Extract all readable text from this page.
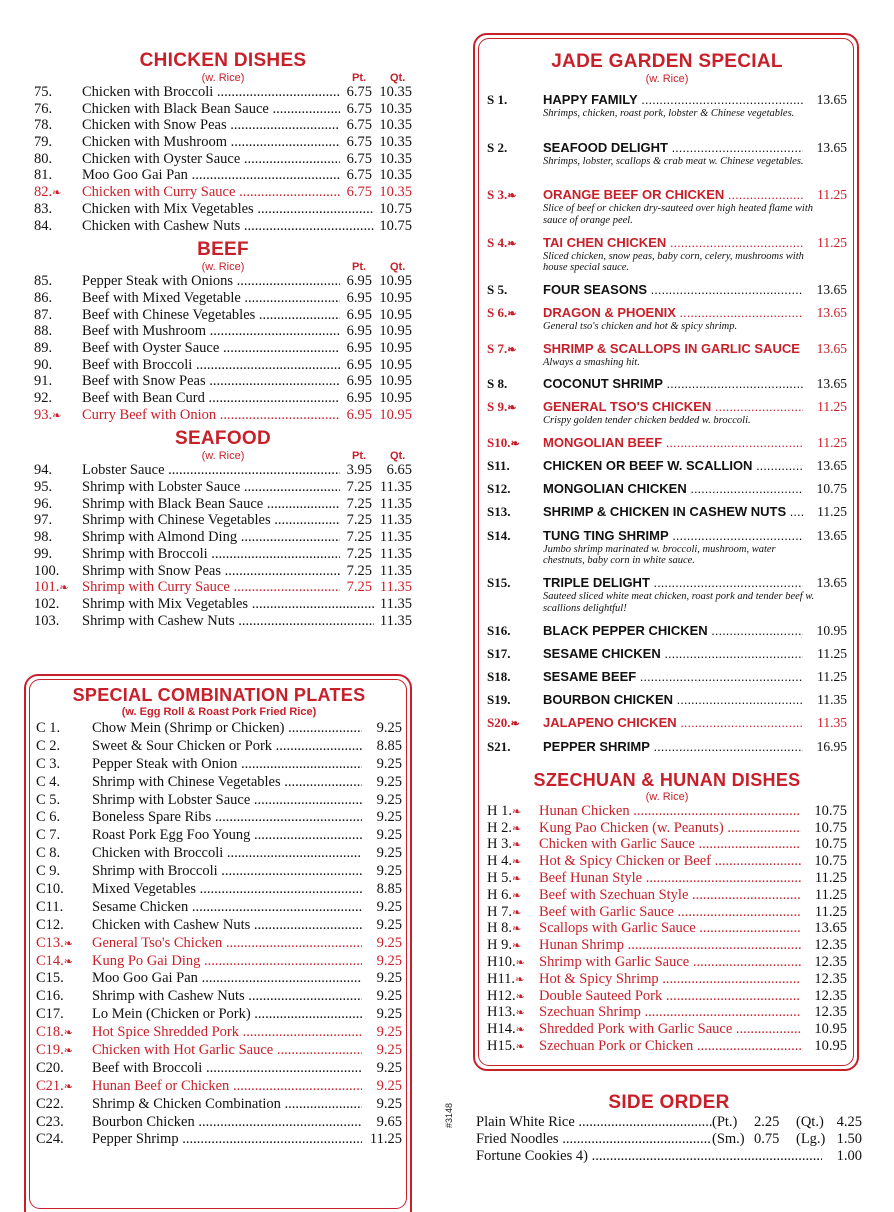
CHICKEN DISHES
(w. Rice)	Pt. Qt.
75.	Chicken with Broccoli .....	6.75 10.35
76.	Chicken with Black Bean Sauce .....	6.75 10.35
78.	Chicken with Snow Peas .....	6.75 10.35
79.	Chicken with Mushroom .....	6.75 10.35
80.	Chicken with Oyster Sauce .....	6.75 10.35
81.	Moo Goo Gai Pan .....	6.75 10.35
82.❧	Chicken with Curry Sauce .....	6.75 10.35
83.	Chicken with Mix Vegetables .....	10.75
84.	Chicken with Cashew Nuts .....	10.75
BEEF
(w. Rice)	Pt. Qt.
85.	Pepper Steak with Onions .....	6.95 10.95
86.	Beef with Mixed Vegetable .....	6.95 10.95
87.	Beef with Chinese Vegetables .....	6.95 10.95
88.	Beef with Mushroom .....	6.95 10.95
89.	Beef with Oyster Sauce .....	6.95 10.95
90.	Beef with Broccoli .....	6.95 10.95
91.	Beef with Snow Peas .....	6.95 10.95
92.	Beef with Bean Curd .....	6.95 10.95
93.❧	Curry Beef with Onion .....	6.95 10.95
SEAFOOD
(w. Rice)	Pt. Qt.
94.	Lobster Sauce .....	3.95	6.65
95.	Shrimp with Lobster Sauce .....	7.25 11.35
96.	Shrimp with Black Bean Sauce .....	7.25 11.35
97.	Shrimp with Chinese Vegetables .....	7.25 11.35
98.	Shrimp with Almond Ding .....	7.25 11.35
99.	Shrimp with Broccoli .....	7.25 11.35
100.	Shrimp with Snow Peas .....	7.25 11.35
101.❧ Shrimp with Curry Sauce .....	7.25 11.35
102.	Shrimp with Mix Vegetables .....	11.35
103.	Shrimp with Cashew Nuts .....	11.35
SPECIAL COMBINATION PLATES
(w. Egg Roll & Roast Pork Fried Rice)
C 1.	Chow Mein (Shrimp or Chicken) .....	9.25
C 2.	Sweet & Sour Chicken or Pork .....	8.85
C 3.	Pepper Steak with Onion .....	9.25
C 4.	Shrimp with Chinese Vegetables .....	9.25
C 5.	Shrimp with Lobster Sauce .....	9.25
C 6.	Boneless Spare Ribs .....	9.25
C 7.	Roast Pork Egg Foo Young .....	9.25
C 8.	Chicken with Broccoli .....	9.25
C 9.	Shrimp with Broccoli .....	9.25
C10.	Mixed Vegetables .....	8.85
C11.	Sesame Chicken .....	9.25
C12.	Chicken with Cashew Nuts .....	9.25
C13.❧	General Tso's Chicken .....	9.25
C14.❧	Kung Po Gai Ding .....	9.25
C15.	Moo Goo Gai Pan .....	9.25
C16.	Shrimp with Cashew Nuts .....	9.25
C17.	Lo Mein (Chicken or Pork) .....	9.25
C18.❧	Hot Spice Shredded Pork .....	9.25
C19.❧	Chicken with Hot Garlic Sauce .....	9.25
C20.	Beef with Broccoli .....	9.25
C21.❧	Hunan Beef or Chicken .....	9.25
C22.	Shrimp & Chicken Combination .....	9.25
C23.	Bourbon Chicken .....	9.65
C24.	Pepper Shrimp .....	11.25
JADE GARDEN SPECIAL
(w. Rice)
S 1.	HAPPY FAMILY .....	13.65
Shrimps, chicken, roast pork, lobster & Chinese vegetables.
S 2.	SEAFOOD DELIGHT .....	13.65
Shrimps, lobster, scallops & crab meat w. Chinese vegetables.
S 3.❧ ORANGE BEEF OR CHICKEN .....	11.25
Slice of beef or chicken dry-sauteed over high heated flame with sauce of orange peel.
S 4.❧ TAI CHEN CHICKEN .....	11.25
Sliced chicken, snow peas, baby corn, celery, mushrooms with house special sauce.
S 5.	FOUR SEASONS .....	13.65
S 6.❧ DRAGON & PHOENIX .....	13.65
General tso's chicken and hot & spicy shrimp.
S 7.❧ SHRIMP & SCALLOPS IN GARLIC SAUCE ..... 13.65
Always a smashing hit.
S 8.	COCONUT SHRIMP .....	13.65
S 9.❧ GENERAL TSO'S CHICKEN .....	11.25
Crispy golden tender chicken bedded w. broccoli.
S10.❧ MONGOLIAN BEEF .....	11.25
S11.	CHICKEN OR BEEF W. SCALLION .....	13.65
S12.	MONGOLIAN CHICKEN .....	10.75
S13.	SHRIMP & CHICKEN IN CASHEW NUTS .....	11.25
S14.	TUNG TING SHRIMP .....	13.65
Jumbo shrimp marinated w. broccoli, mushroom, water chestnuts, baby corn in white sauce.
S15.	TRIPLE DELIGHT .....	13.65
Sauteed sliced white meat chicken, roast pork and tender beef w. scallions delightful!
S16.	BLACK PEPPER CHICKEN .....	10.95
S17.	SESAME CHICKEN .....	11.25
S18.	SESAME BEEF .....	11.25
S19.	BOURBON CHICKEN .....	11.35
S20.❧ JALAPENO CHICKEN .....	11.35
S21.	PEPPER SHRIMP .....	16.95
SZECHUAN & HUNAN DISHES
(w. Rice)
H 1.❧	Hunan Chicken .....	10.75
H 2.❧	Kung Pao Chicken (w. Peanuts) .....	10.75
H 3.❧	Chicken with Garlic Sauce .....	10.75
H 4.❧	Hot & Spicy Chicken or Beef .....	10.75
H 5.❧	Beef Hunan Style .....	11.25
H 6.❧	Beef with Szechuan Style .....	11.25
H 7.❧	Beef with Garlic Sauce .....	11.25
H 8.❧	Scallops with Garlic Sauce .....	13.65
H 9.❧	Hunan Shrimp .....	12.35
H10.❧ Shrimp with Garlic Sauce .....	12.35
H11.❧	Hot & Spicy Shrimp .....	12.35
H12.❧ Double Sauteed Pork .....	12.35
H13.❧ Szechuan Shrimp .....	12.35
H14.❧ Shredded Pork with Garlic Sauce .....	10.95
H15.❧ Szechuan Pork or Chicken .....	10.95
SIDE ORDER
Plain White Rice .....	(Pt.) 2.25 (Qt.) 4.25
Fried Noodles .....	(Sm.) 0.75 (Lg.) 1.50
Fortune Cookies 4) .....	1.00
#3148
